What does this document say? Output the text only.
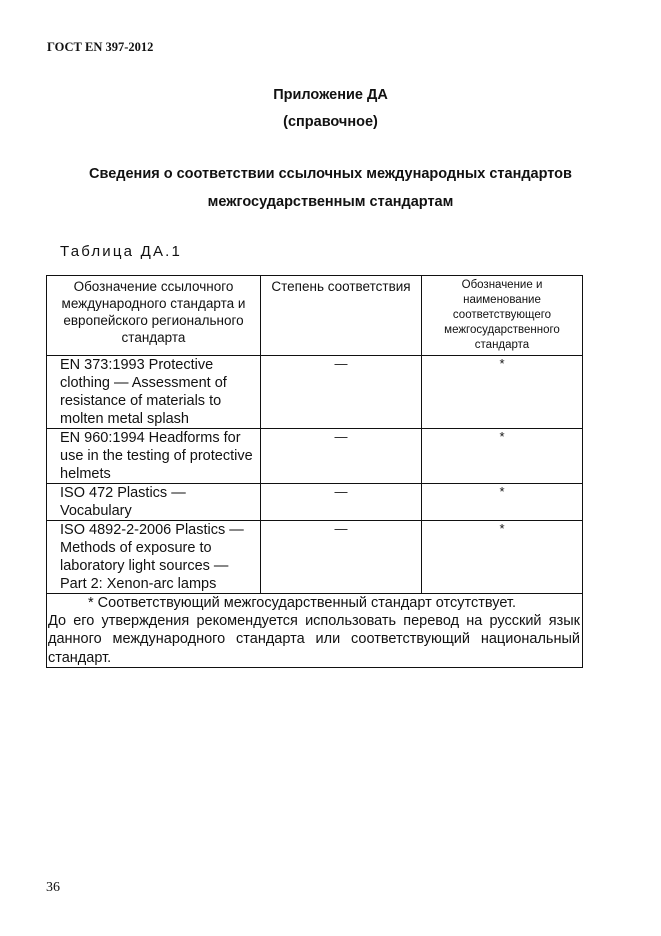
ГОСТ EN 397-2012
Приложение ДА
(справочное)
Сведения о соответствии ссылочных международных стандартов
межгосударственным стандартам
Таблица ДА.1
Обозначение ссылочного международного стандарта и европейского регионального стандарта	Степень соответствия	Обозначение и наименование соответствующего межгосударственного стандарта
EN 373:1993 Protective clothing — Assessment of resistance of materials to molten metal splash	—	*
EN 960:1994 Headforms for use in the testing of protective helmets	—	*
ISO 472 Plastics — Vocabulary	—	*
ISO 4892-2-2006 Plastics — Methods of exposure to laboratory light sources — Part 2: Xenon-arc lamps	—	*

* Соответствующий межгосударственный стандарт отсутствует.
До его утверждения рекомендуется использовать перевод на русский язык данного международного стандарта или соответствующий национальный стандарт.		
36
